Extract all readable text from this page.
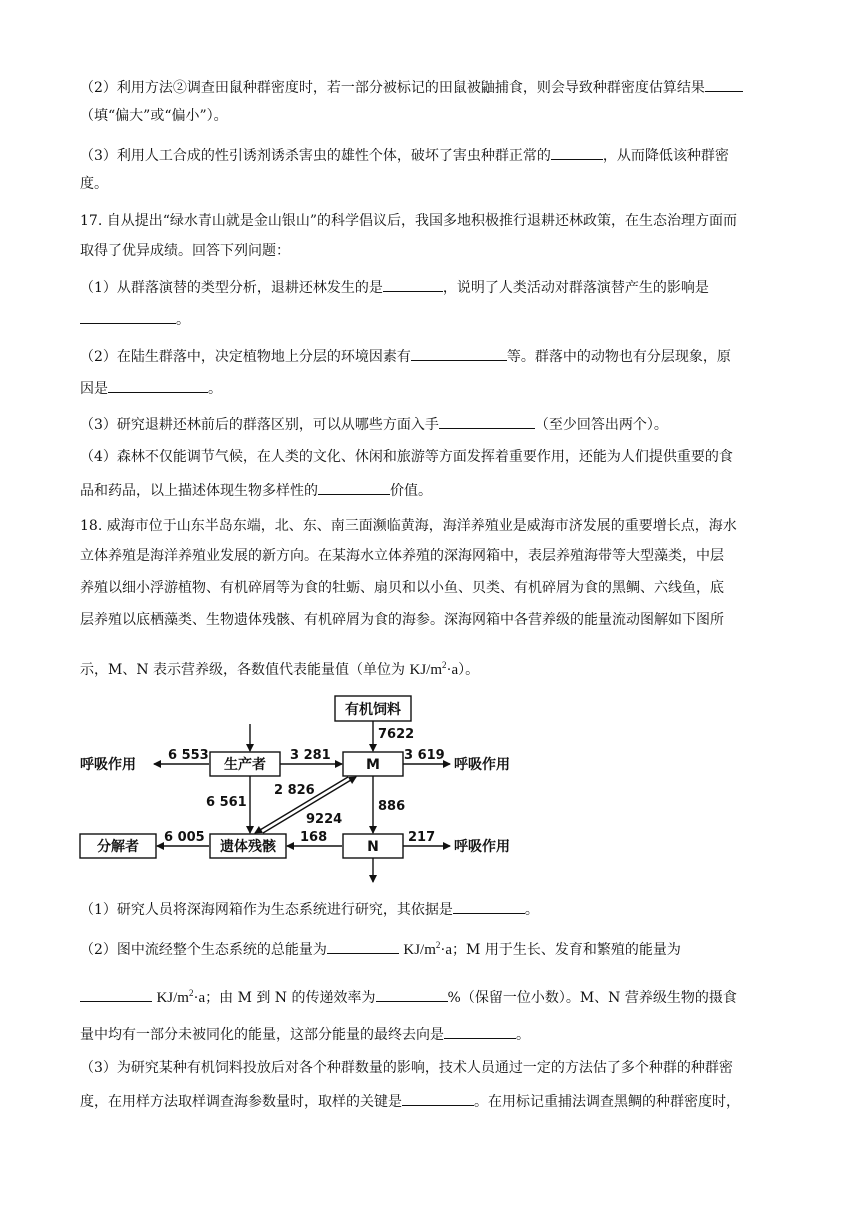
（2）利用方法②调查田鼠种群密度时，若一部分被标记的田鼠被鼬捕食，则会导致种群密度估算结果
（填“偏大”或“偏小”）。
（3）利用人工合成的性引诱剂诱杀害虫的雄性个体，破坏了害虫种群正常的	，从而降低该种群密
度。
17. 自从提出“绿水青山就是金山银山”的科学倡议后，我国多地积极推行退耕还林政策，在生态治理方面而
取得了优异成绩。回答下列问题：
（1）从群落演替的类型分析，退耕还林发生的是	，说明了人类活动对群落演替产生的影响是
。
（2）在陆生群落中，决定植物地上分层的环境因素有	等。群落中的动物也有分层现象，原
因是	。
（3）研究退耕还林前后的群落区别，可以从哪些方面入手	（至少回答出两个）。
（4）森林不仅能调节气候，在人类的文化、休闲和旅游等方面发挥着重要作用，还能为人们提供重要的食
品和药品，以上描述体现生物多样性的	价值。
18. 威海市位于山东半岛东端，北、东、南三面濒临黄海，海洋养殖业是威海市济发展的重要增长点，海水
立体养殖是海洋养殖业发展的新方向。在某海水立体养殖的深海网箱中，表层养殖海带等大型藻类，中层
养殖以细小浮游植物、有机碎屑等为食的牡蛎、扇贝和以小鱼、贝类、有机碎屑为食的黑鲷、六线鱼，底
层养殖以底栖藻类、生物遗体残骸、有机碎屑为食的海参。深海网箱中各营养级的能量流动图解如下图所
示，M、N 表示营养级，各数值代表能量值（单位为 $KJ/m^2\cdot a$）。
有机饲料
生产者	M
N
遗体残骸
分解者
呼吸作用	呼吸作用
呼吸作用
7622
6 553	3 281	3 619
2 826
6 561
9224
886
6 005	168	217
（1）研究人员将深海网箱作为生态系统进行研究，其依据是	。
（2）图中流经整个生态系统的总能量为	$KJ/m^2\cdot a$；M 用于生长、发育和繁殖的能量为
$KJ/m^2\cdot a$；由 M 到 N 的传递效率为	%（保留一位小数）。M、N 营养级生物的摄食
量中均有一部分未被同化的能量，这部分能量的最终去向是	。
（3）为研究某种有机饲料投放后对各个种群数量的影响，技术人员通过一定的方法估了多个种群的种群密
度，在用样方法取样调查海参数量时，取样的关键是	。在用标记重捕法调查黑鲷的种群密度时，
